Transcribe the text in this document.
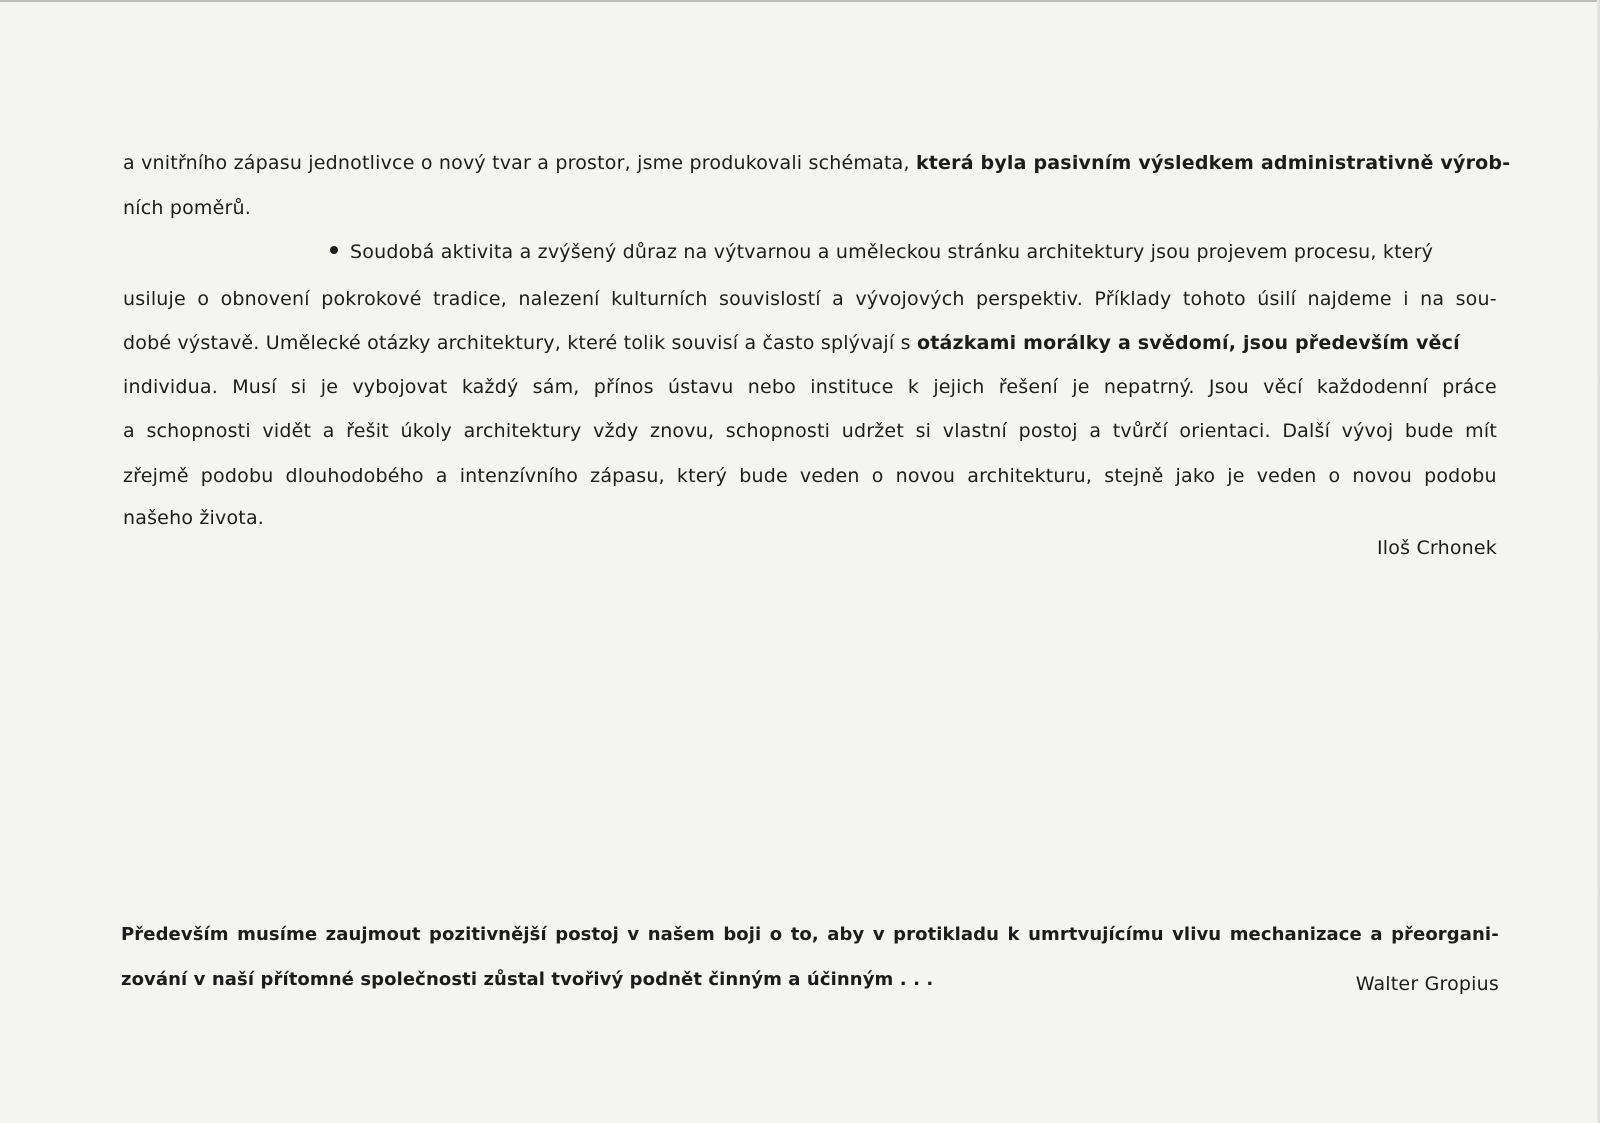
a vnitřního zápasu jednotlivce o nový tvar a prostor, jsme produkovali schémata, která byla pasivním výsledkem administrativně výrob-
ních poměrů.
Soudobá aktivita a zvýšený důraz na výtvarnou a uměleckou stránku architektury jsou projevem procesu, který
usiluje o obnovení pokrokové tradice, nalezení kulturních souvislostí a vývojových perspektiv. Příklady tohoto úsilí najdeme i na sou-
dobé výstavě. Umělecké otázky architektury, které tolik souvisí a často splývají s otázkami morálky a svědomí, jsou především věcí
individua. Musí si je vybojovat každý sám, přínos ústavu nebo instituce k jejich řešení je nepatrný. Jsou věcí každodenní práce
a schopnosti vidět a řešit úkoly architektury vždy znovu, schopnosti udržet si vlastní postoj a tvůrčí orientaci. Další vývoj bude mít
zřejmě podobu dlouhodobého a intenzívního zápasu, který bude veden o novou architekturu, stejně jako je veden o novou podobu
našeho života.
Iloš Crhonek
Především musíme zaujmout pozitivnější postoj v našem boji o to, aby v protikladu k umrtvujícímu vlivu mechanizace a přeorgani-
zování v naší přítomné společnosti zůstal tvořivý podnět činným a účinným . . .	Walter Gropius
